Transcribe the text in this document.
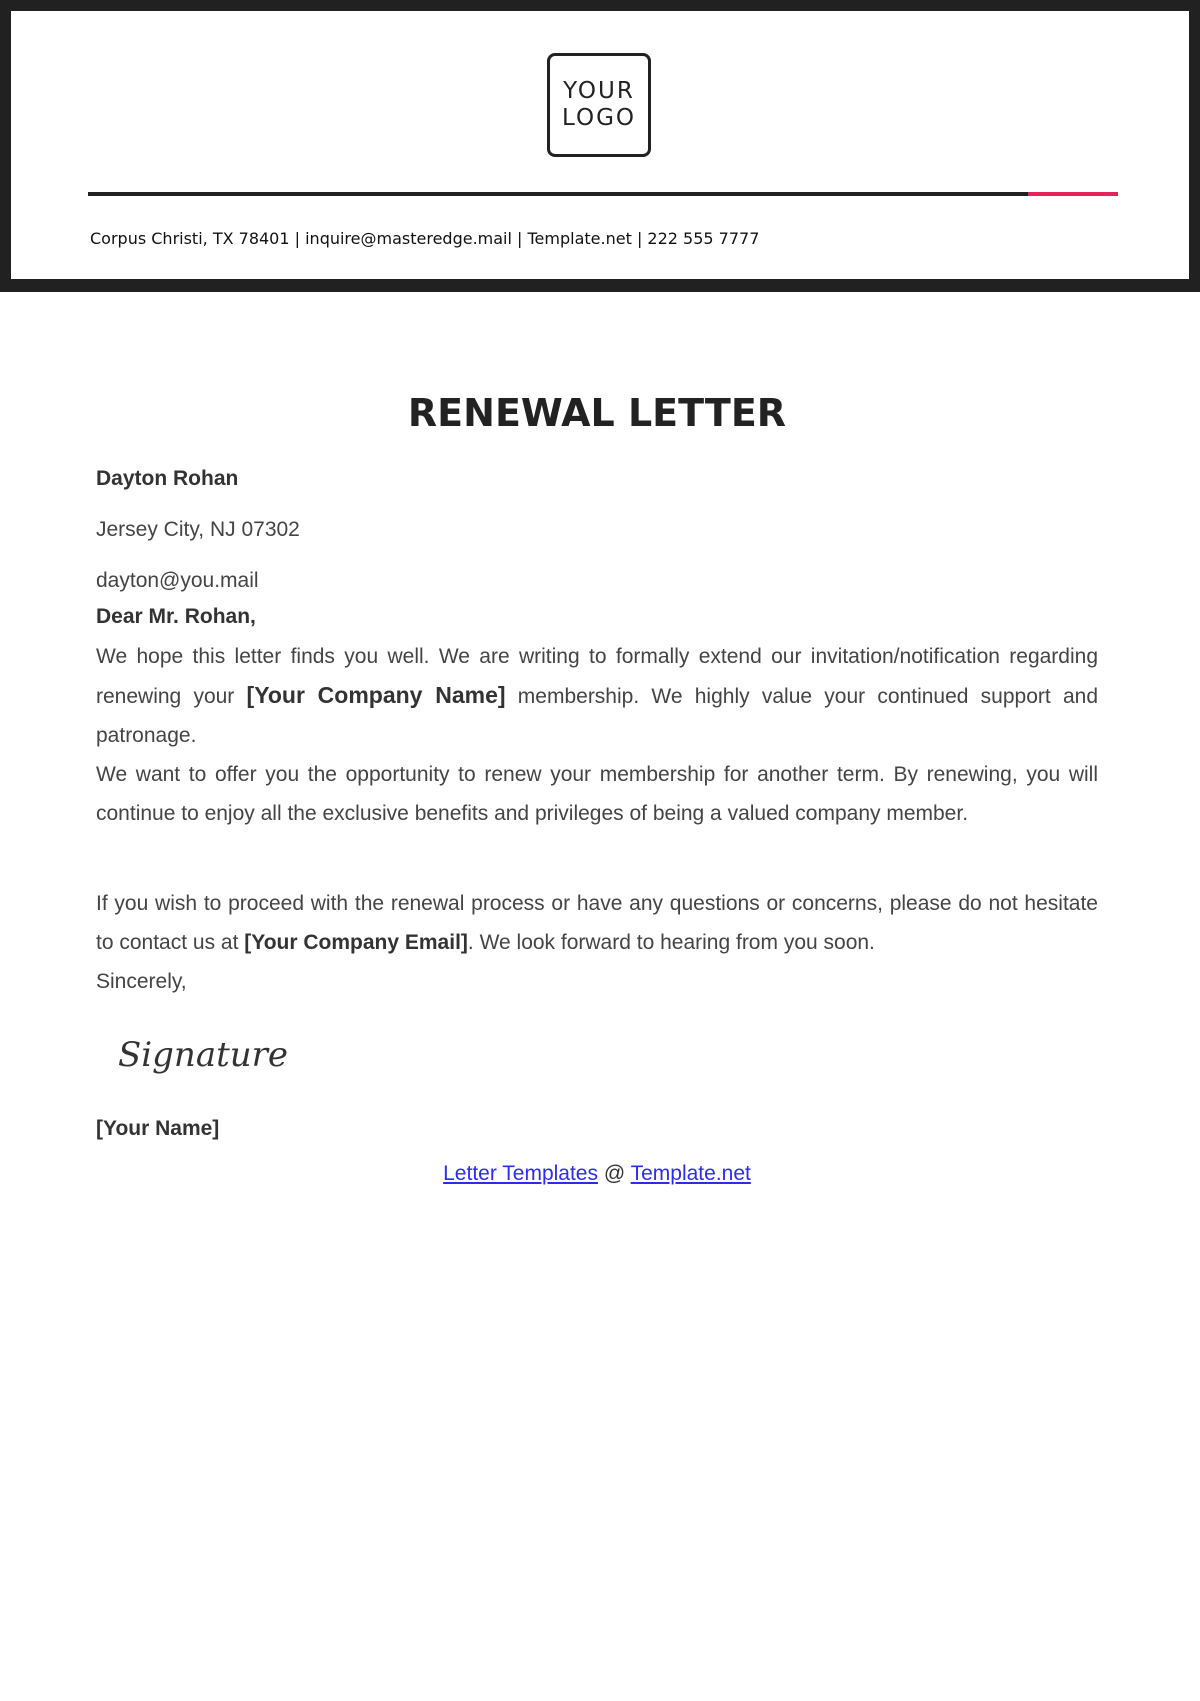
YOUR
LOGO
Corpus Christi, TX 78401 | inquire@masteredge.mail | Template.net | 222 555 7777
RENEWAL LETTER
Dayton Rohan
Jersey City, NJ 07302
dayton@you.mail
Dear Mr. Rohan,

We hope this letter finds you well. We are writing to formally extend our invitation/notification regarding renewing your [Your Company Name] membership. We highly value your continued support and patronage.

We want to offer you the opportunity to renew your membership for another term. By renewing, you will continue to enjoy all the exclusive benefits and privileges of being a valued company member.

If you wish to proceed with the renewal process or have any questions or concerns, please do not hesitate to contact us at [Your Company Email]. We look forward to hearing from you soon.

Sincerely,

Signature
[Your Name]
Letter Templates @ Template.net
